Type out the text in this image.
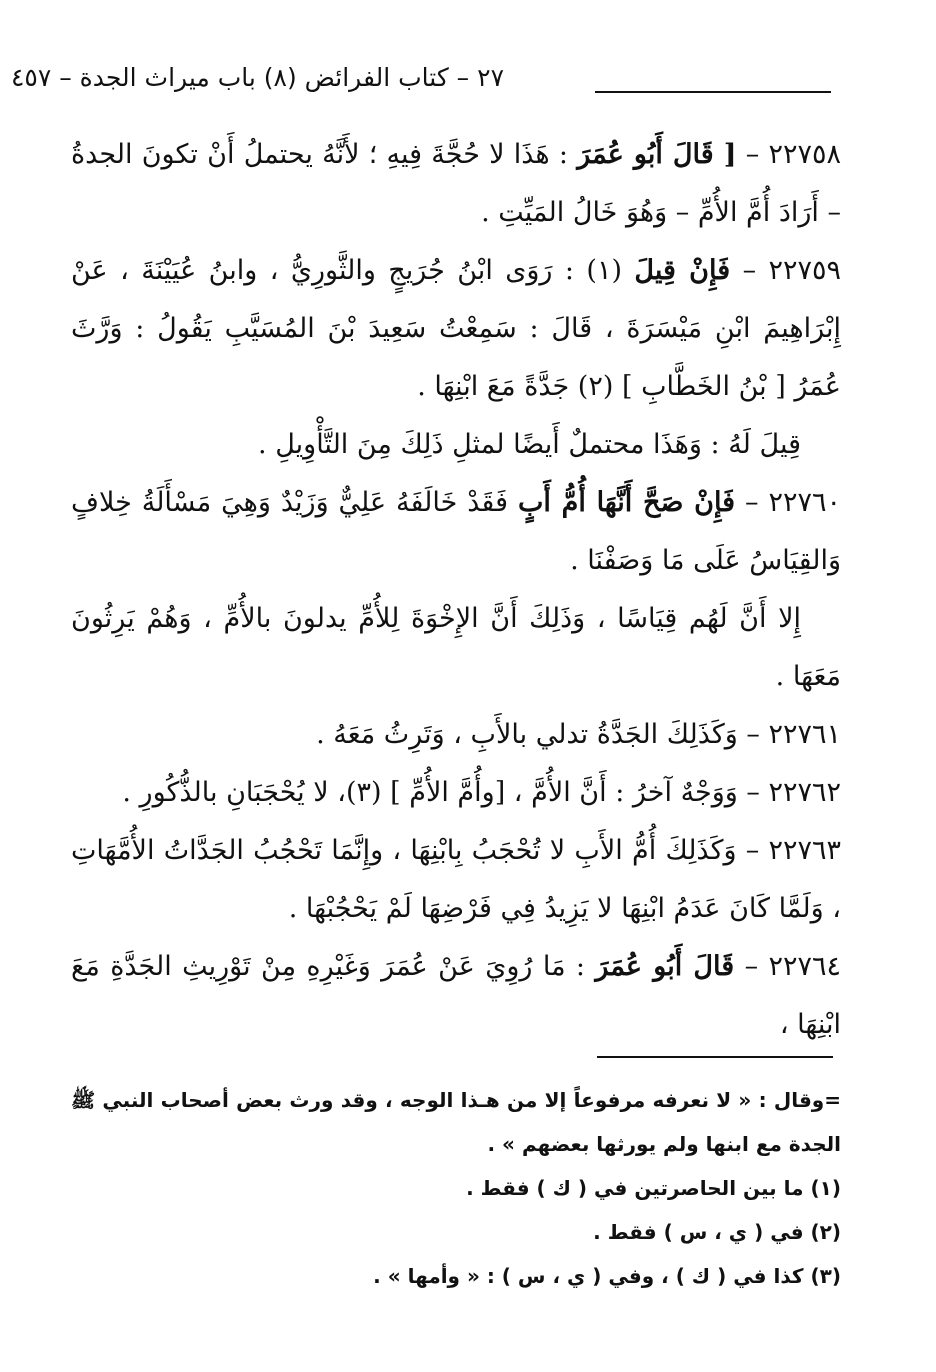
٢٧ – كتاب الفرائض (٨) باب ميراث الجدة – ٤٥٧

٢٢٧٥٨ – [ قَالَ أَبُو عُمَرَ : هَذَا لا حُجَّةَ فِيهِ ؛ لأَنَّهُ يحتملُ أَنْ تكونَ الجدةُ – أَرَادَ أُمَّ الأُمِّ – وَهُوَ خَالُ المَيِّتِ .

٢٢٧٥٩ – فَإِنْ قِيلَ (١) : رَوَى ابْنُ جُرَيجٍ والثَّورِيُّ ، وابنُ عُيَيْنَةَ ، عَنْ إِبْرَاهِيمَ ابْنِ مَيْسَرَةَ ، قَالَ : سَمِعْتُ سَعِيدَ بْنَ المُسَيَّبِ يَقُولُ : وَرَّثَ عُمَرُ [ بْنُ الخَطَّابِ ] (٢) جَدَّةً مَعَ ابْنِهَا .

قِيلَ لَهُ : وَهَذَا محتملٌ أَيضًا لمثلِ ذَلِكَ مِنَ التَّأْوِيلِ .

٢٢٧٦٠ – فَإِنْ صَحَّ أَنَّهَا أُمُّ أَبٍ فَقَدْ خَالَفَهُ عَلِيٌّ وَزَيْدٌ وَهِيَ مَسْأَلَةُ خِلافٍ وَالقِيَاسُ عَلَى مَا وَصَفْنَا .

إِلا أَنَّ لَهُم قِيَاسًا ، وَذَلِكَ أَنَّ الإِخْوَةَ لِلأُمِّ يدلونَ بالأُمِّ ، وَهُمْ يَرِثُونَ مَعَهَا .

٢٢٧٦١ – وَكَذَلِكَ الجَدَّةُ تدلي بالأَبِ ، وَتَرِثُ مَعَهُ .

٢٢٧٦٢ – وَوَجْهٌ آخرُ : أَنَّ الأُمَّ ، [وأُمَّ الأُمِّ ] (٣)، لا يُحْجَبَانِ بالذُّكُورِ .

٢٢٧٦٣ – وَكَذَلِكَ أُمُّ الأَبِ لا تُحْجَبُ بِابْنِهَا ، وإِنَّمَا تَحْجُبُ الجَدَّاتُ الأُمَّهَاتِ ، وَلَمَّا كَانَ عَدَمُ ابْنِهَا لا يَزِيدُ فِي فَرْضِهَا لَمْ يَحْجُبْهَا .

٢٢٧٦٤ – قَالَ أَبُو عُمَرَ : مَا رُوِيَ عَنْ عُمَرَ وَغَيْرِهِ مِنْ تَوْرِيثِ الجَدَّةِ مَعَ ابْنِهَا ،

=وقال : « لا نعرفه مرفوعاً إلا من هـذا الوجه ، وقد ورث بعض أصحاب النبي ﷺ الجدة مع ابنها ولم يورثها بعضهم » .

(١) ما بين الحاصرتين في ( ك ) فقط .

(٢) في ( ي ، س ) فقط .

(٣) كذا في ( ك ) ، وفي ( ي ، س ) : « وأمها » .
